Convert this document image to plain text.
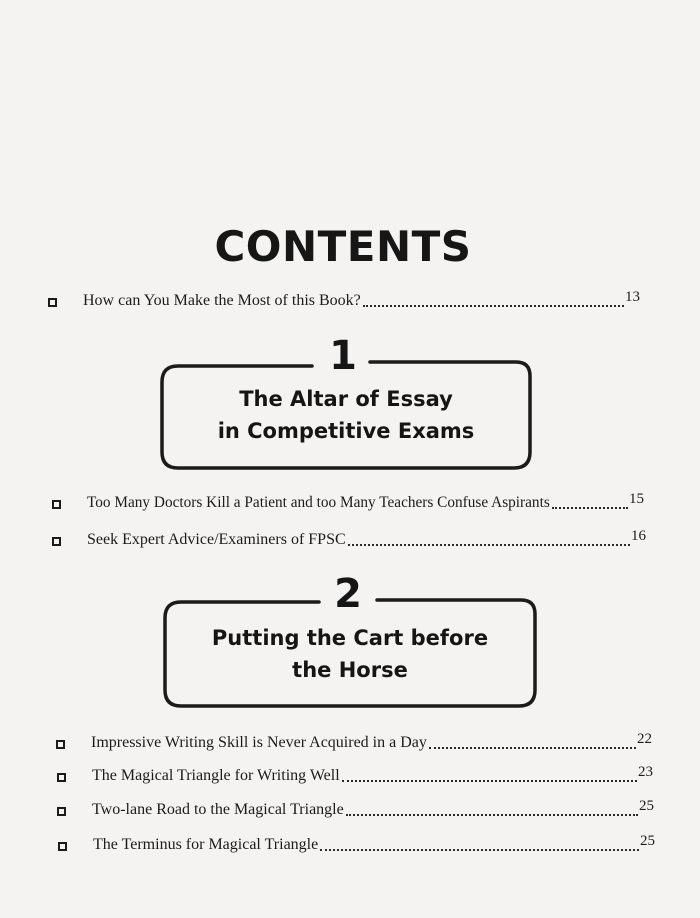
CONTENTS
How can You Make the Most of this Book?	13
1
The Altar of Essay
in Competitive Exams
Too Many Doctors Kill a Patient and too Many Teachers Confuse Aspirants	15
Seek Expert Advice/Examiners of FPSC	16
2
Putting the Cart before
the Horse
Impressive Writing Skill is Never Acquired in a Day	22
The Magical Triangle for Writing Well	23
Two-lane Road to the Magical Triangle	25
The Terminus for Magical Triangle	25
